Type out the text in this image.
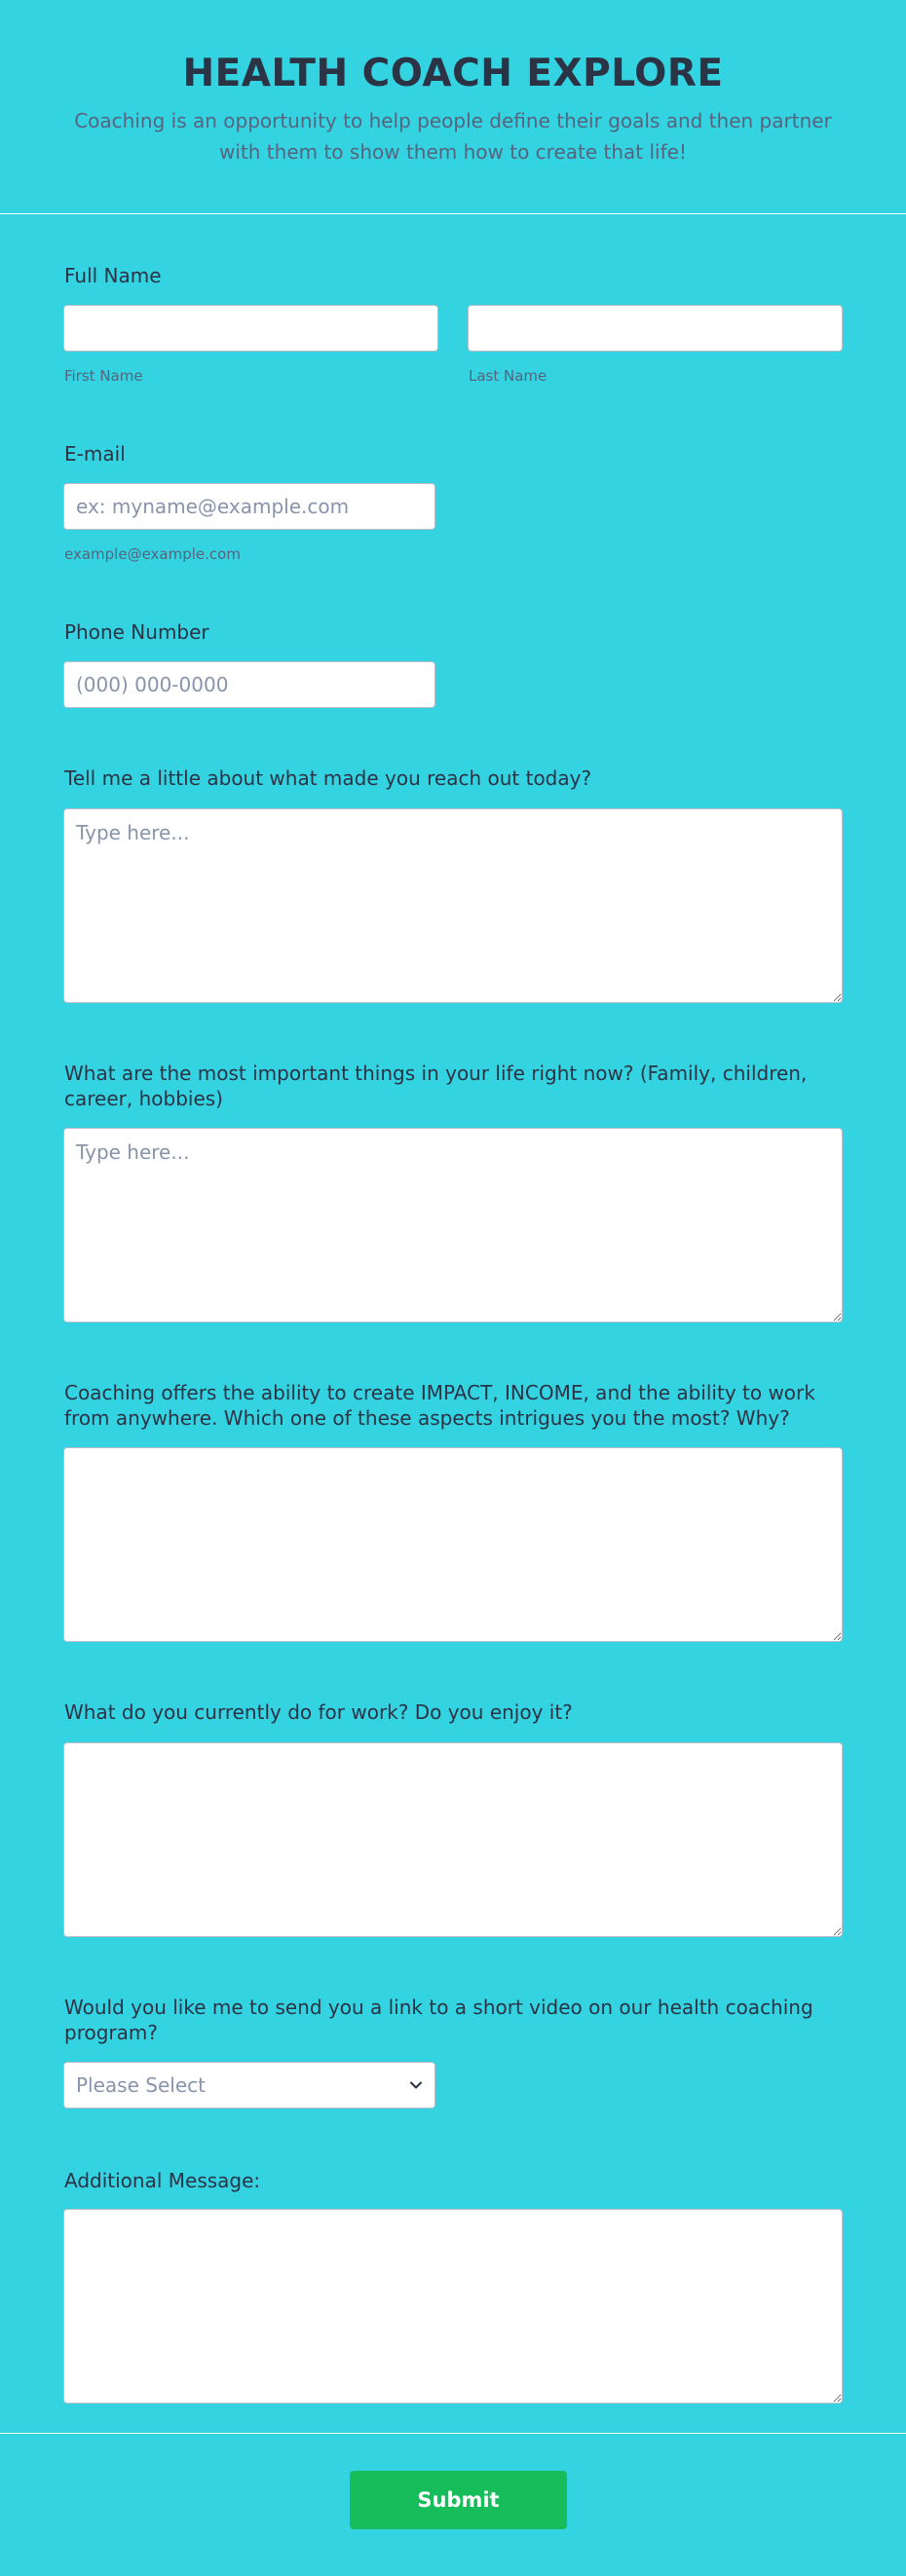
HEALTH COACH EXPLORE

Coaching is an opportunity to help people define their goals and then partner with them to show them how to create that life!

Full Name
First Name	Last Name
E-mail
ex: myname@example.com
example@example.com
Phone Number
(000) 000-0000
Tell me a little about what made you reach out today?
Type here...
What are the most important things in your life right now? (Family, children, career, hobbies)
Type here...
Coaching offers the ability to create IMPACT, INCOME, and the ability to work from anywhere. Which one of these aspects intrigues you the most? Why?
What do you currently do for work? Do you enjoy it?
Would you like me to send you a link to a short video on our health coaching program?
Please Select
Additional Message:
Submit
